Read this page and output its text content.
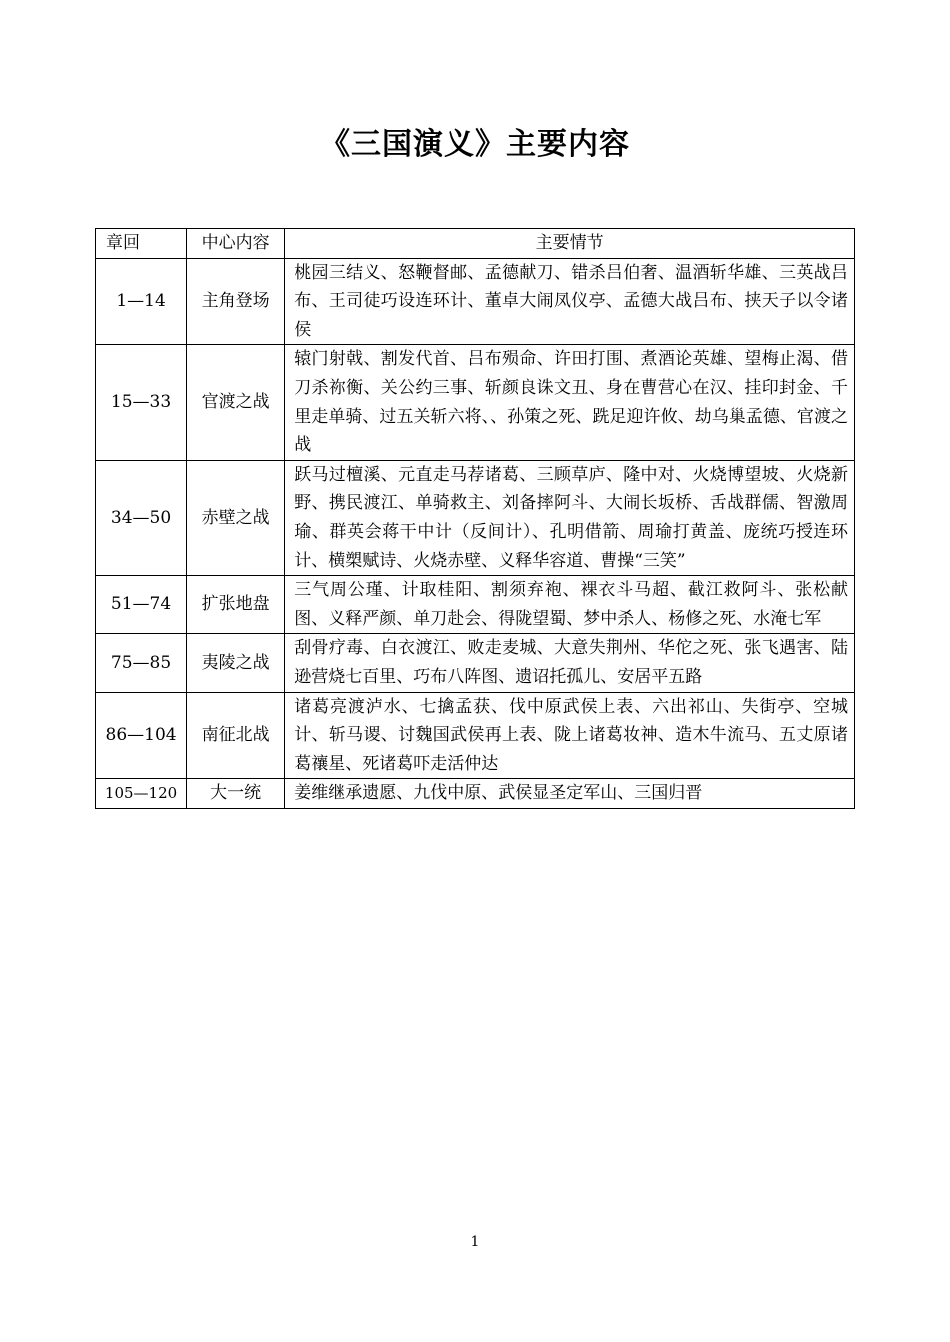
《三国演义》主要内容
章回	中心内容	主要情节
1—14	主角登场	桃园三结义、怒鞭督邮、孟德献刀、错杀吕伯奢、温酒斩华雄、三英战吕布、王司徒巧设连环计、董卓大闹凤仪亭、孟德大战吕布、挟天子以令诸侯
15—33	官渡之战	辕门射戟、割发代首、吕布殒命、许田打围、煮酒论英雄、望梅止渴、借刀杀祢衡、关公约三事、斩颜良诛文丑、身在曹营心在汉、挂印封金、千里走单骑、过五关斩六将、、孙策之死、跣足迎许攸、劫乌巢孟德、官渡之战
34—50	赤壁之战	跃马过檀溪、元直走马荐诸葛、三顾草庐、隆中对、火烧博望坡、火烧新野、携民渡江、单骑救主、刘备摔阿斗、大闹长坂桥、舌战群儒、智激周瑜、群英会蒋干中计（反间计）、孔明借箭、周瑜打黄盖、庞统巧授连环计、横槊赋诗、火烧赤壁、义释华容道、曹操“三笑”
51—74	扩张地盘	三气周公瑾、计取桂阳、割须弃袍、裸衣斗马超、截江救阿斗、张松献图、义释严颜、单刀赴会、得陇望蜀、梦中杀人、杨修之死、水淹七军
75—85	夷陵之战	刮骨疗毒、白衣渡江、败走麦城、大意失荆州、华佗之死、张飞遇害、陆逊营烧七百里、巧布八阵图、遗诏托孤儿、安居平五路
86—104	南征北战	诸葛亮渡泸水、七擒孟获、伐中原武侯上表、六出祁山、失街亭、空城计、斩马谡、讨魏国武侯再上表、陇上诸葛妆神、造木牛流马、五丈原诸葛禳星、死诸葛吓走活仲达
105—120	大一统	姜维继承遗愿、九伐中原、武侯显圣定军山、三国归晋
1
